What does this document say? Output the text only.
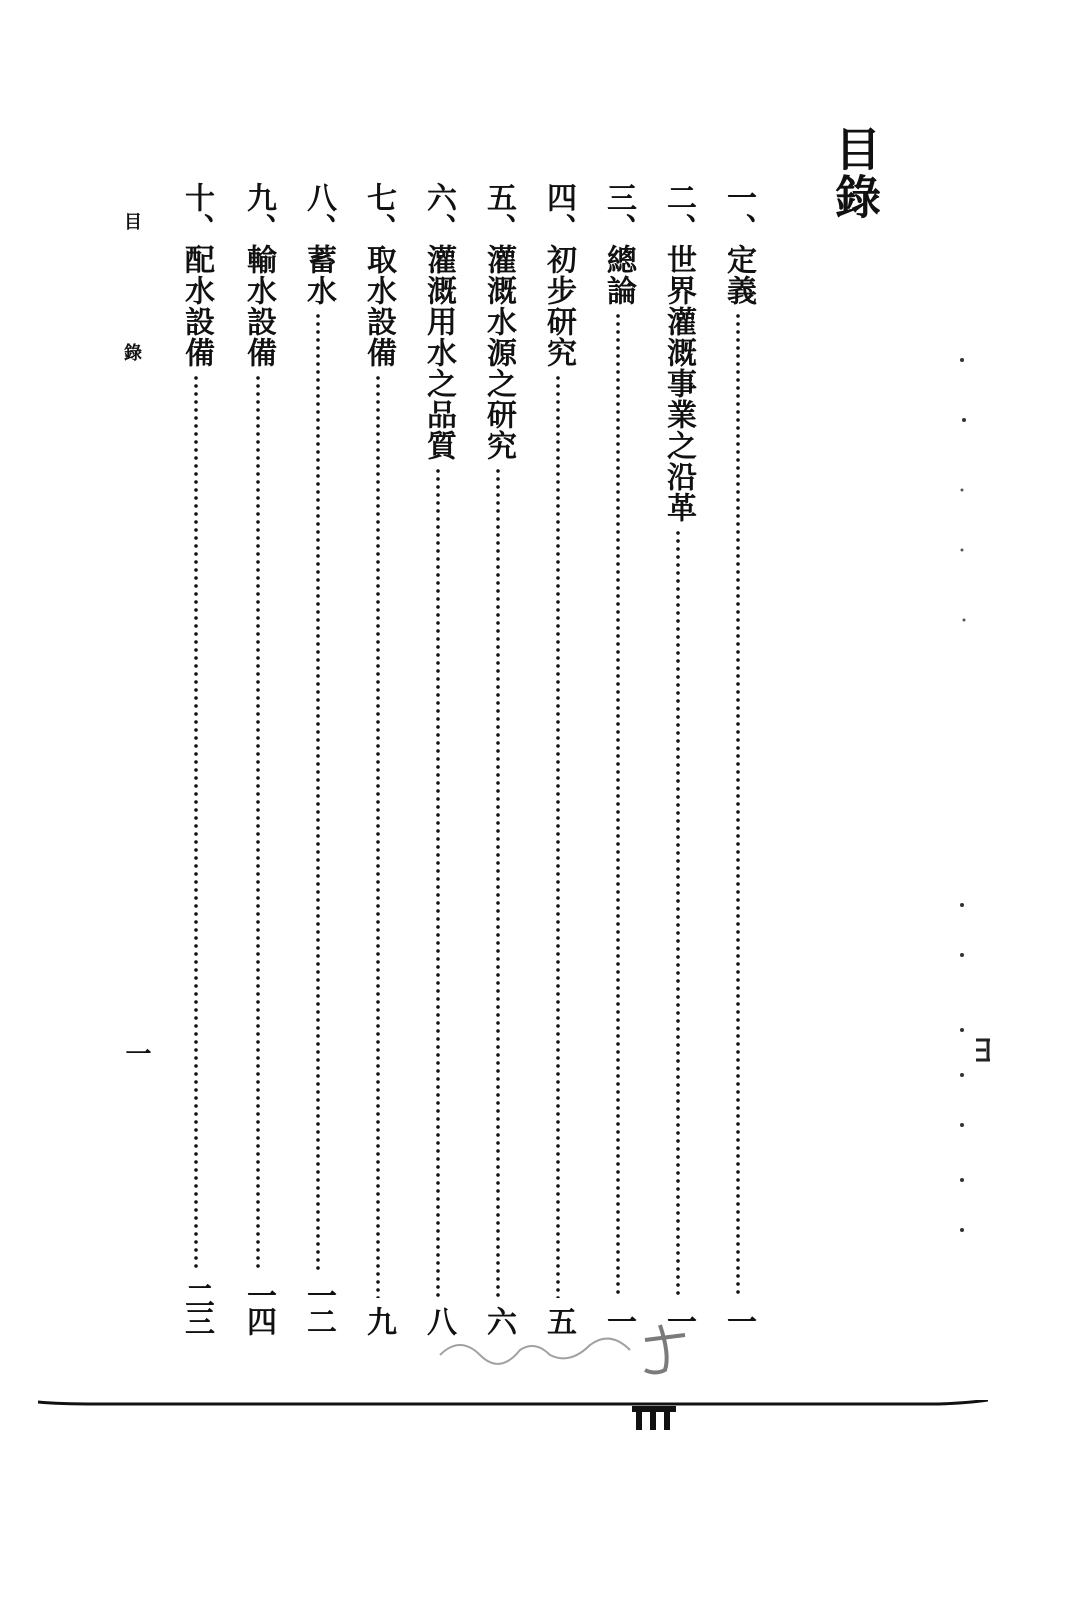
目錄
一、定義
一
二、世界灌溉事業之沿革
一
三、總論
一
四、初步研究
五
五、灌溉水源之研究
六
六、灌溉用水之品質
八
七、取水設備
九
八、蓄水
一二
九、輸水設備
一四
十、配水設備
二三
目 錄
一
